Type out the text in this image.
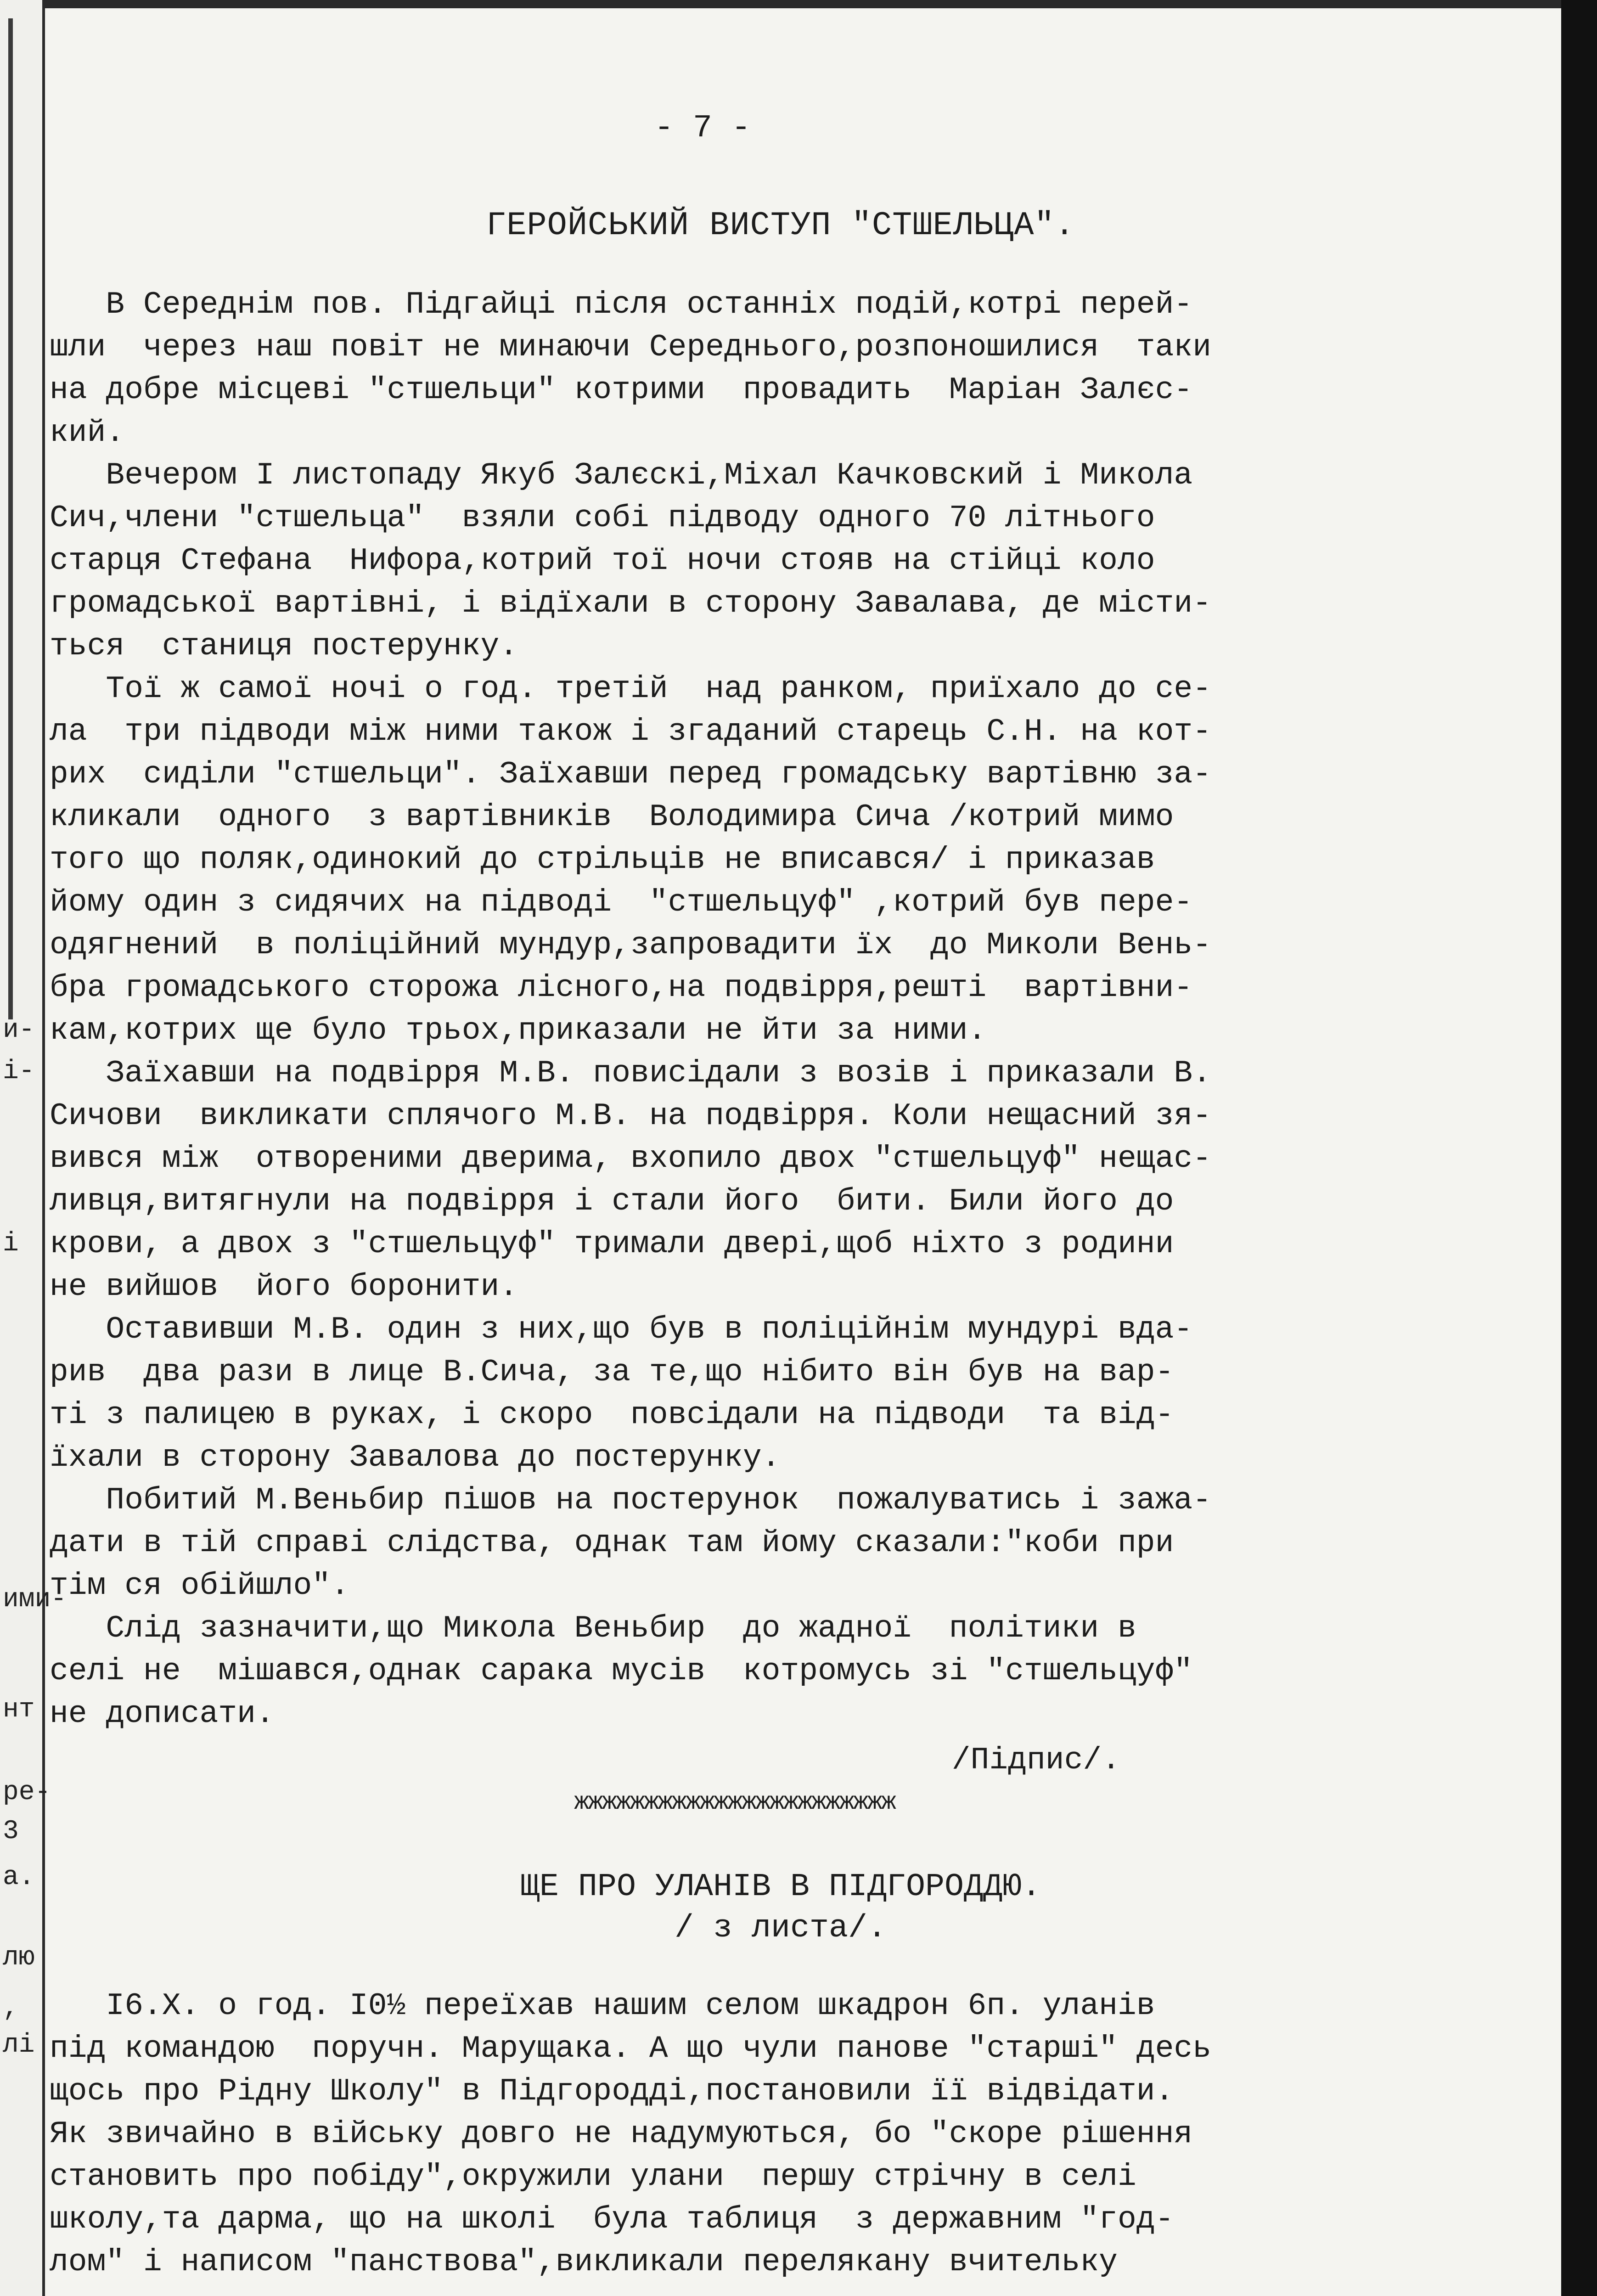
и-
і-
і
ими-
нт
ре-
3
а.
лю
,
лі
- 7 -
ГЕРОЙСЬКИЙ ВИСТУП "СТШЕЛЬЦА".
В Середнім пов. Підгайці після останніх подій,котрі перей-
шли  через наш повіт не минаючи Середнього,розпоношилися  таки
на добре місцеві "стшельци" котрими  провадить  Маріан Залєс-
кий.
Вечером I листопаду Якуб Залєскі,Міхал Качковский і Микола
Сич,члени "стшельца"  взяли собі підводу одного 70 літнього
старця Стефана  Нифора,котрий тої ночи стояв на стійці коло
громадської вартівні, і відїхали в сторону Завалава, де місти-
ться  станиця постерунку.
Тої ж самої ночі о год. третій  над ранком, приїхало до се-
ла  три підводи між ними також і згаданий старець С.Н. на кот-
рих  сиділи "стшельци". Заїхавши перед громадську вартівню за-
кликали  одного  з вартівників  Володимира Сича /котрий мимо
того що поляк,одинокий до стрільців не вписався/ і приказав
йому один з сидячих на підводі  "стшельцуф" ,котрий був пере-
одягнений  в поліційний мундур,запровадити їх  до Миколи Вень-
бра громадського сторожа лісного,на подвірря,решті  вартівни-
кам,котрих ще було трьох,приказали не йти за ними.
Заїхавши на подвірря М.В. повисідали з возів і приказали В.
Сичови  викликати сплячого М.В. на подвірря. Коли нещасний зя-
вився між  отвореними дверима, вхопило двох "стшельцуф" нещас-
ливця,витягнули на подвірря і стали його  бити. Били його до
крови, а двох з "стшельцуф" тримали двері,щоб ніхто з родини
не вийшов  його боронити.
Оставивши М.В. один з них,що був в поліційнім мундурі вда-
рив  два рази в лице В.Сича, за те,що нібито він був на вар-
ті з палицею в руках, і скоро  повсідали на підводи  та від-
їхали в сторону Завалова до постерунку.
Побитий М.Веньбир пішов на постерунок  пожалуватись і зажа-
дати в тій справі слідства, однак там йому сказали:"коби при
тім ся обійшло".
Слід зазначити,що Микола Веньбир  до жадної  політики в
селі не  мішався,однак сарака мусів  котромусь зі "стшельцуф"
не дописати.
/Підпис/.
жжжжжжжжжжжжжжжжжжжжжжж
ЩЕ ПРО УЛАНІВ В ПІДГОРОДДЮ.
/ з листа/.
I6.X. о год. I0½ переїхав нашим селом шкадрон 6п. уланів
під командою  поручн. Марущака. А що чули панове "старші" десь
щось про Рідну Школу" в Підгородді,постановили її відвідати.
Як звичайно в війську довго не надумуються, бо "скоре рішення
становить про побіду",окружили улани  першу стрічну в селі
школу,та дарма, що на школі  була таблиця  з державним "год-
лом" і написом "панствова",викликали перелякану вчительку
